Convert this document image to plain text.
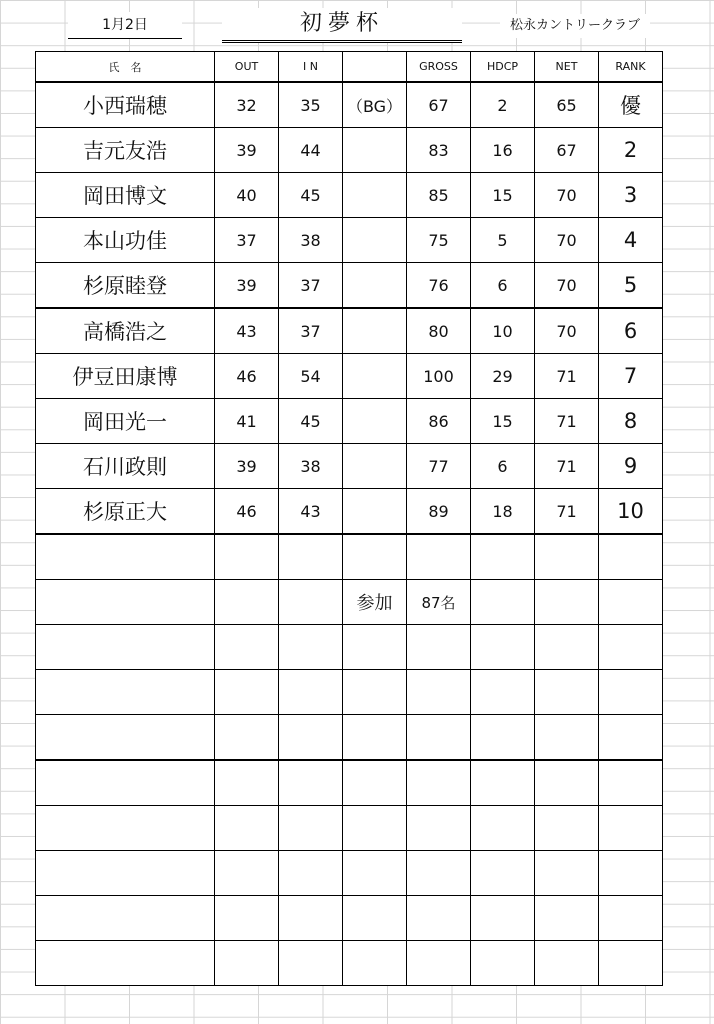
1月2日	初夢杯	松永カントリークラブ
氏　名	OUT	I N		GROSS	HDCP	NET	RANK
小西瑞穂	32	35	（BG）	67	2	65	優
吉元友浩	39	44		83	16	67	2
岡田博文	40	45		85	15	70	3
本山功佳	37	38		75	5	70	4
杉原睦登	39	37		76	6	70	5
高橋浩之	43	37		80	10	70	6
伊豆田康博	46	54		100	29	71	7
岡田光一	41	45		86	15	71	8
石川政則	39	38		77	6	71	9
杉原正大	46	43		89	18	71	10

			参加	87名			
